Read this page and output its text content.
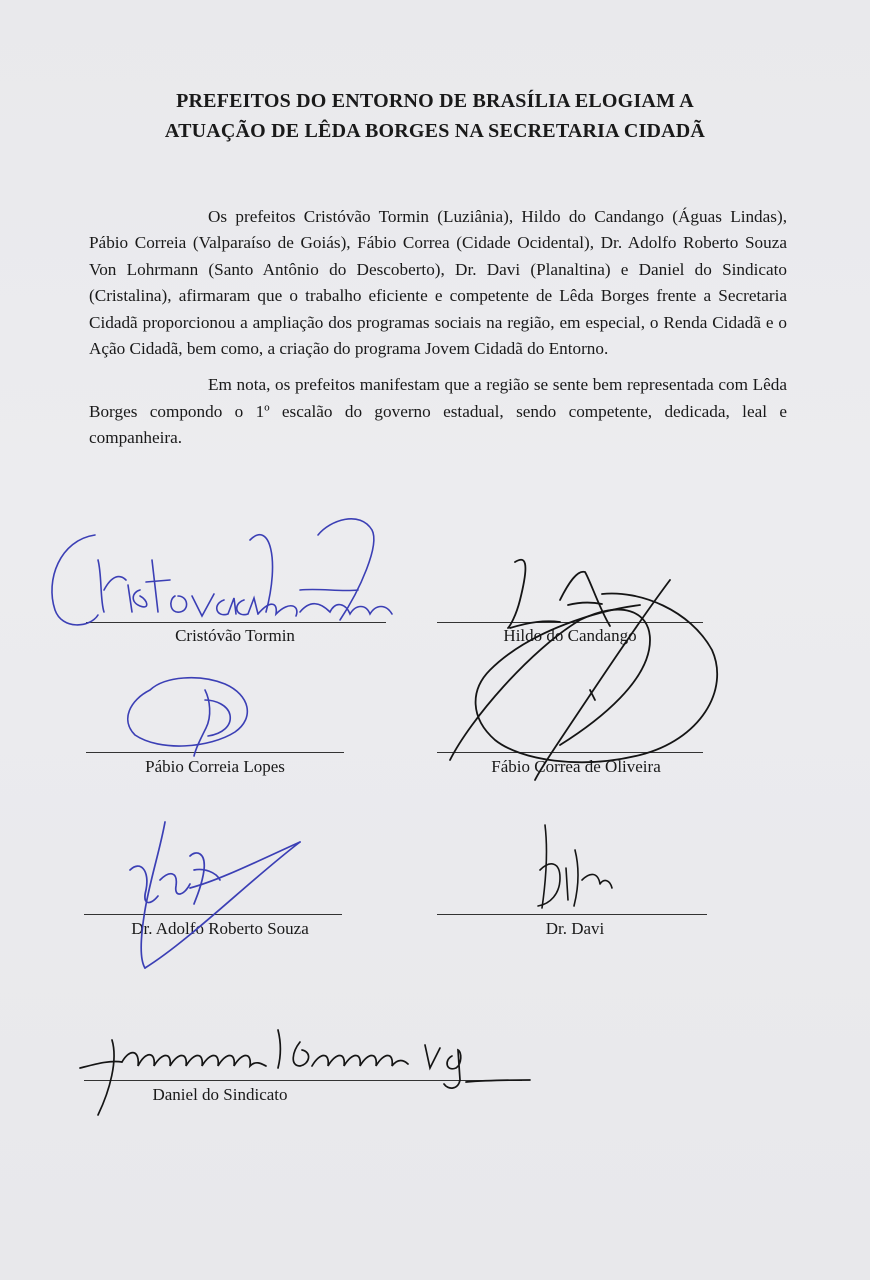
PREFEITOS DO ENTORNO DE BRASÍLIA ELOGIAM A
ATUAÇÃO DE LÊDA BORGES NA SECRETARIA CIDADÃ

Os prefeitos Cristóvão Tormin (Luziânia), Hildo do Candango (Águas Lindas), Pábio Correia (Valparaíso de Goiás), Fábio Correa (Cidade Ocidental), Dr. Adolfo Roberto Souza Von Lohrmann (Santo Antônio do Descoberto), Dr. Davi (Planaltina) e Daniel do Sindicato (Cristalina), afirmaram que o trabalho eficiente e competente de Lêda Borges frente a Secretaria Cidadã proporcionou a ampliação dos programas sociais na região, em especial, o Renda Cidadã e o Ação Cidadã, bem como, a criação do programa Jovem Cidadã do Entorno.

Em nota, os prefeitos manifestam que a região se sente bem representada com Lêda Borges compondo o 1º escalão do governo estadual, sendo competente, dedicada, leal e companheira.

Cristóvão Tormin	Hildo do Candango
Pábio Correia Lopes	Fábio Correa de Oliveira
Dr. Adolfo Roberto Souza	Dr. Davi
Daniel do Sindicato
